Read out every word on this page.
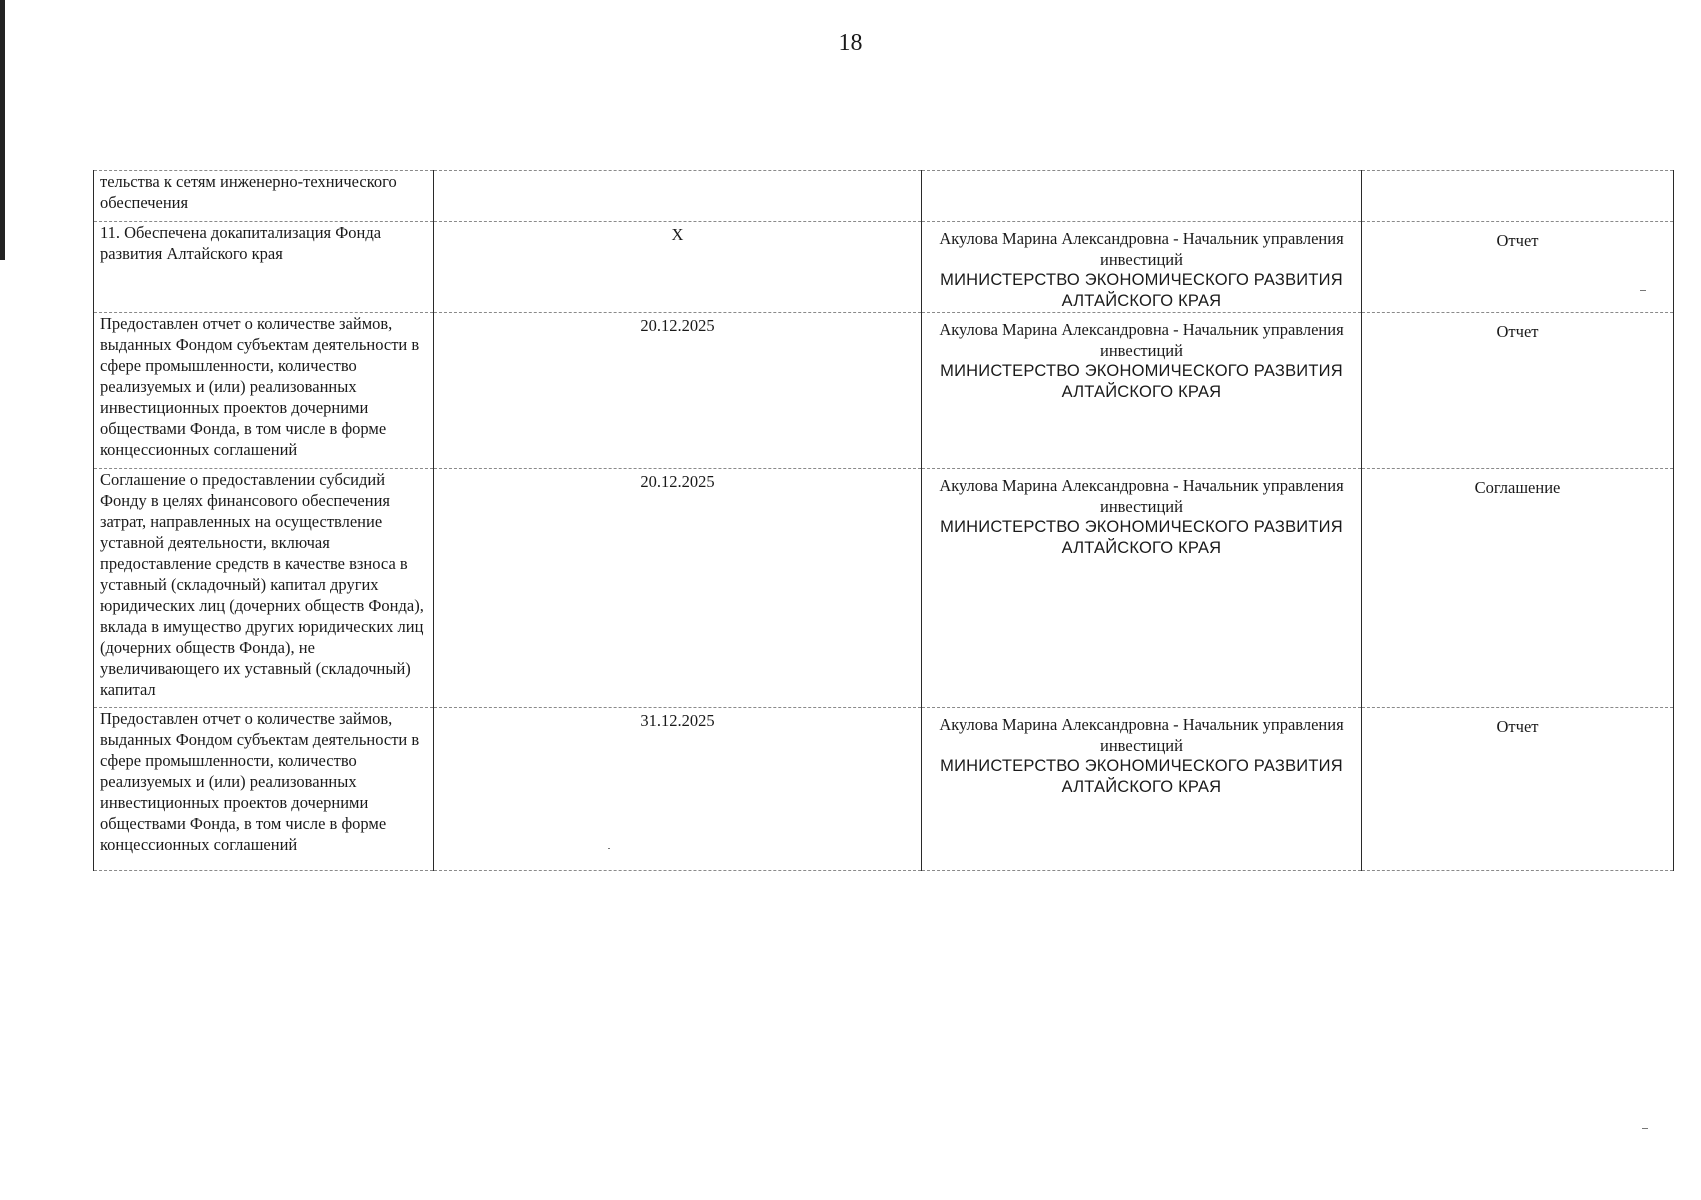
18
тельства к сетям инженерно-технического обеспечения		

11. Обеспечена докапитализация Фонда развития Алтайского края	X	Акулова Марина Александровна - Начальник управления инвестиций
МИНИСТЕРСТВО ЭКОНОМИЧЕСКОГО РАЗВИТИЯ АЛТАЙСКОГО КРАЯ	Отчет
Предоставлен отчет о количестве займов, выданных Фондом субъектам деятельности в сфере промышленности, количество реализуемых и (или) реализованных инвестиционных проектов дочерними обществами Фонда, в том числе в форме концессионных соглашений	20.12.2025	Акулова Марина Александровна - Начальник управления инвестиций
МИНИСТЕРСТВО ЭКОНОМИЧЕСКОГО РАЗВИТИЯ АЛТАЙСКОГО КРАЯ	Отчет
Соглашение о предоставлении субсидий Фонду в целях финансового обеспечения затрат, направленных на осуществление уставной деятельности, включая предоставление средств в качестве взноса в уставный (складочный) капитал других юридических лиц (дочерних обществ Фонда), вклада в имущество других юридических лиц (дочерних обществ Фонда), не увеличивающего их уставный (складочный) капитал	20.12.2025	Акулова Марина Александровна - Начальник управления инвестиций
МИНИСТЕРСТВО ЭКОНОМИЧЕСКОГО РАЗВИТИЯ АЛТАЙСКОГО КРАЯ	Соглашение
Предоставлен отчет о количестве займов, выданных Фондом субъектам деятельности в сфере промышленности, количество реализуемых и (или) реализованных инвестиционных проектов дочерними обществами Фонда, в том числе в форме концессионных соглашений	31.12.2025	Акулова Марина Александровна - Начальник управления инвестиций
МИНИСТЕРСТВО ЭКОНОМИЧЕСКОГО РАЗВИТИЯ АЛТАЙСКОГО КРАЯ	Отчет
